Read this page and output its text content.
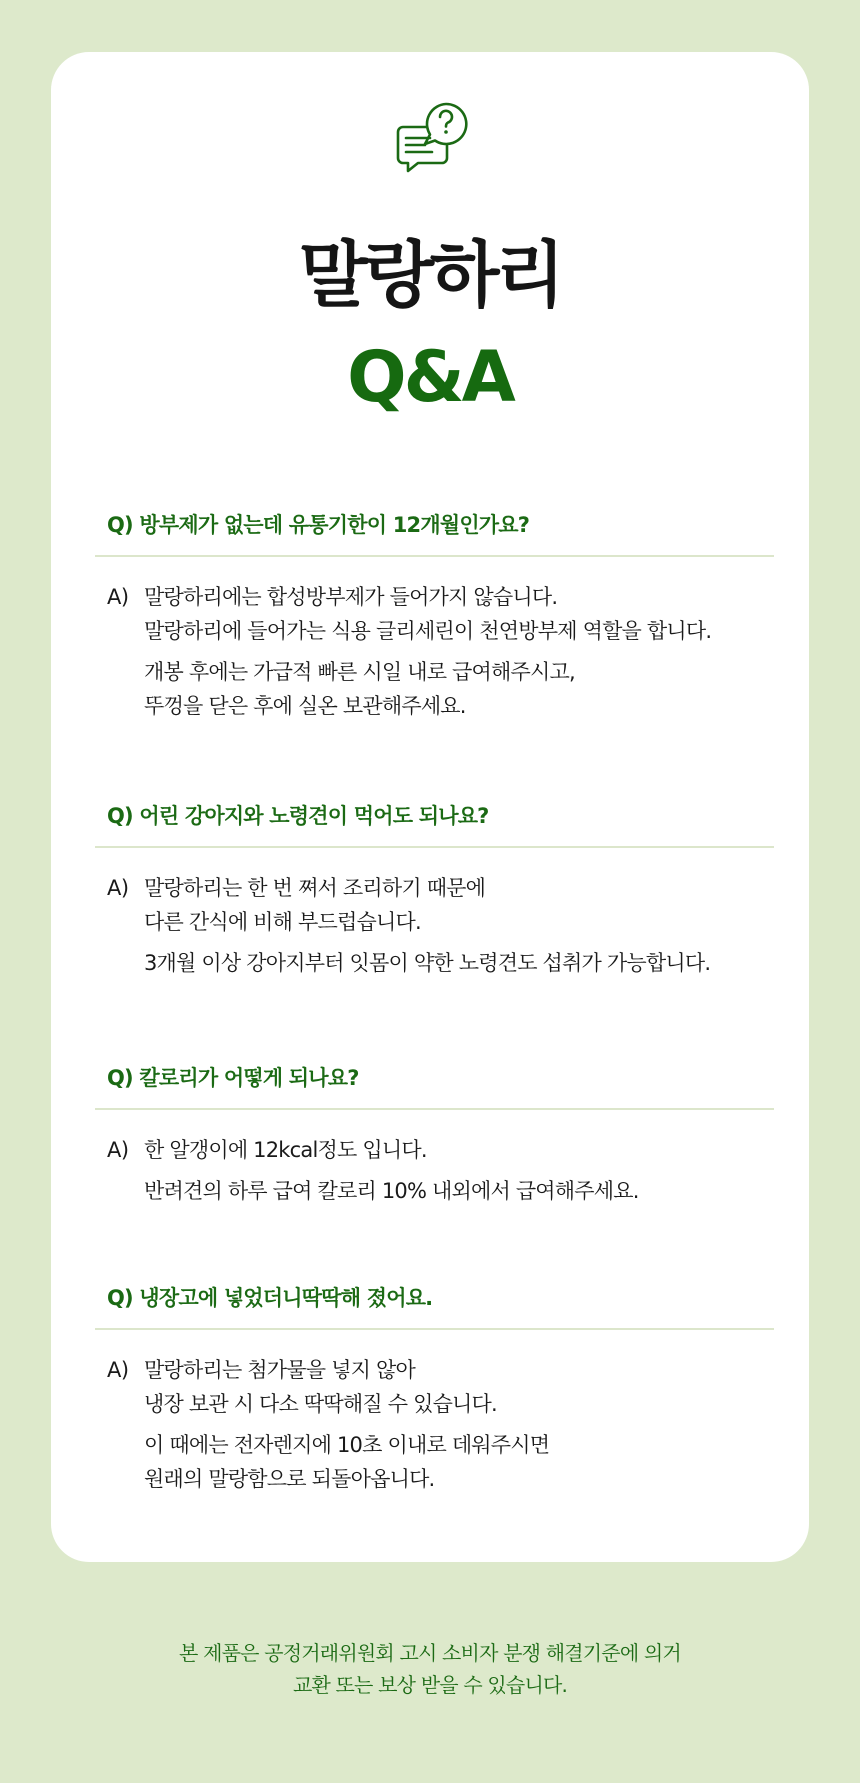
말랑하리
Q&A
Q) 방부제가 없는데 유통기한이 12개월인가요?
A) 말랑하리에는 합성방부제가 들어가지 않습니다.
말랑하리에 들어가는 식용 글리세린이 천연방부제 역할을 합니다.
개봉 후에는 가급적 빠른 시일 내로 급여해주시고,
뚜껑을 닫은 후에 실온 보관해주세요.
Q) 어린 강아지와 노령견이 먹어도 되나요?
A) 말랑하리는 한 번 쪄서 조리하기 때문에
다른 간식에 비해 부드럽습니다.
3개월 이상 강아지부터 잇몸이 약한 노령견도 섭취가 가능합니다.
Q) 칼로리가 어떻게 되나요?
A) 한 알갱이에 12kcal정도 입니다.
반려견의 하루 급여 칼로리 10% 내외에서 급여해주세요.
Q) 냉장고에 넣었더니딱딱해 졌어요.
A) 말랑하리는 첨가물을 넣지 않아
냉장 보관 시 다소 딱딱해질 수 있습니다.
이 때에는 전자렌지에 10초 이내로 데워주시면
원래의 말랑함으로 되돌아옵니다.
본 제품은 공정거래위원회 고시 소비자 분쟁 해결기준에 의거
교환 또는 보상 받을 수 있습니다.
